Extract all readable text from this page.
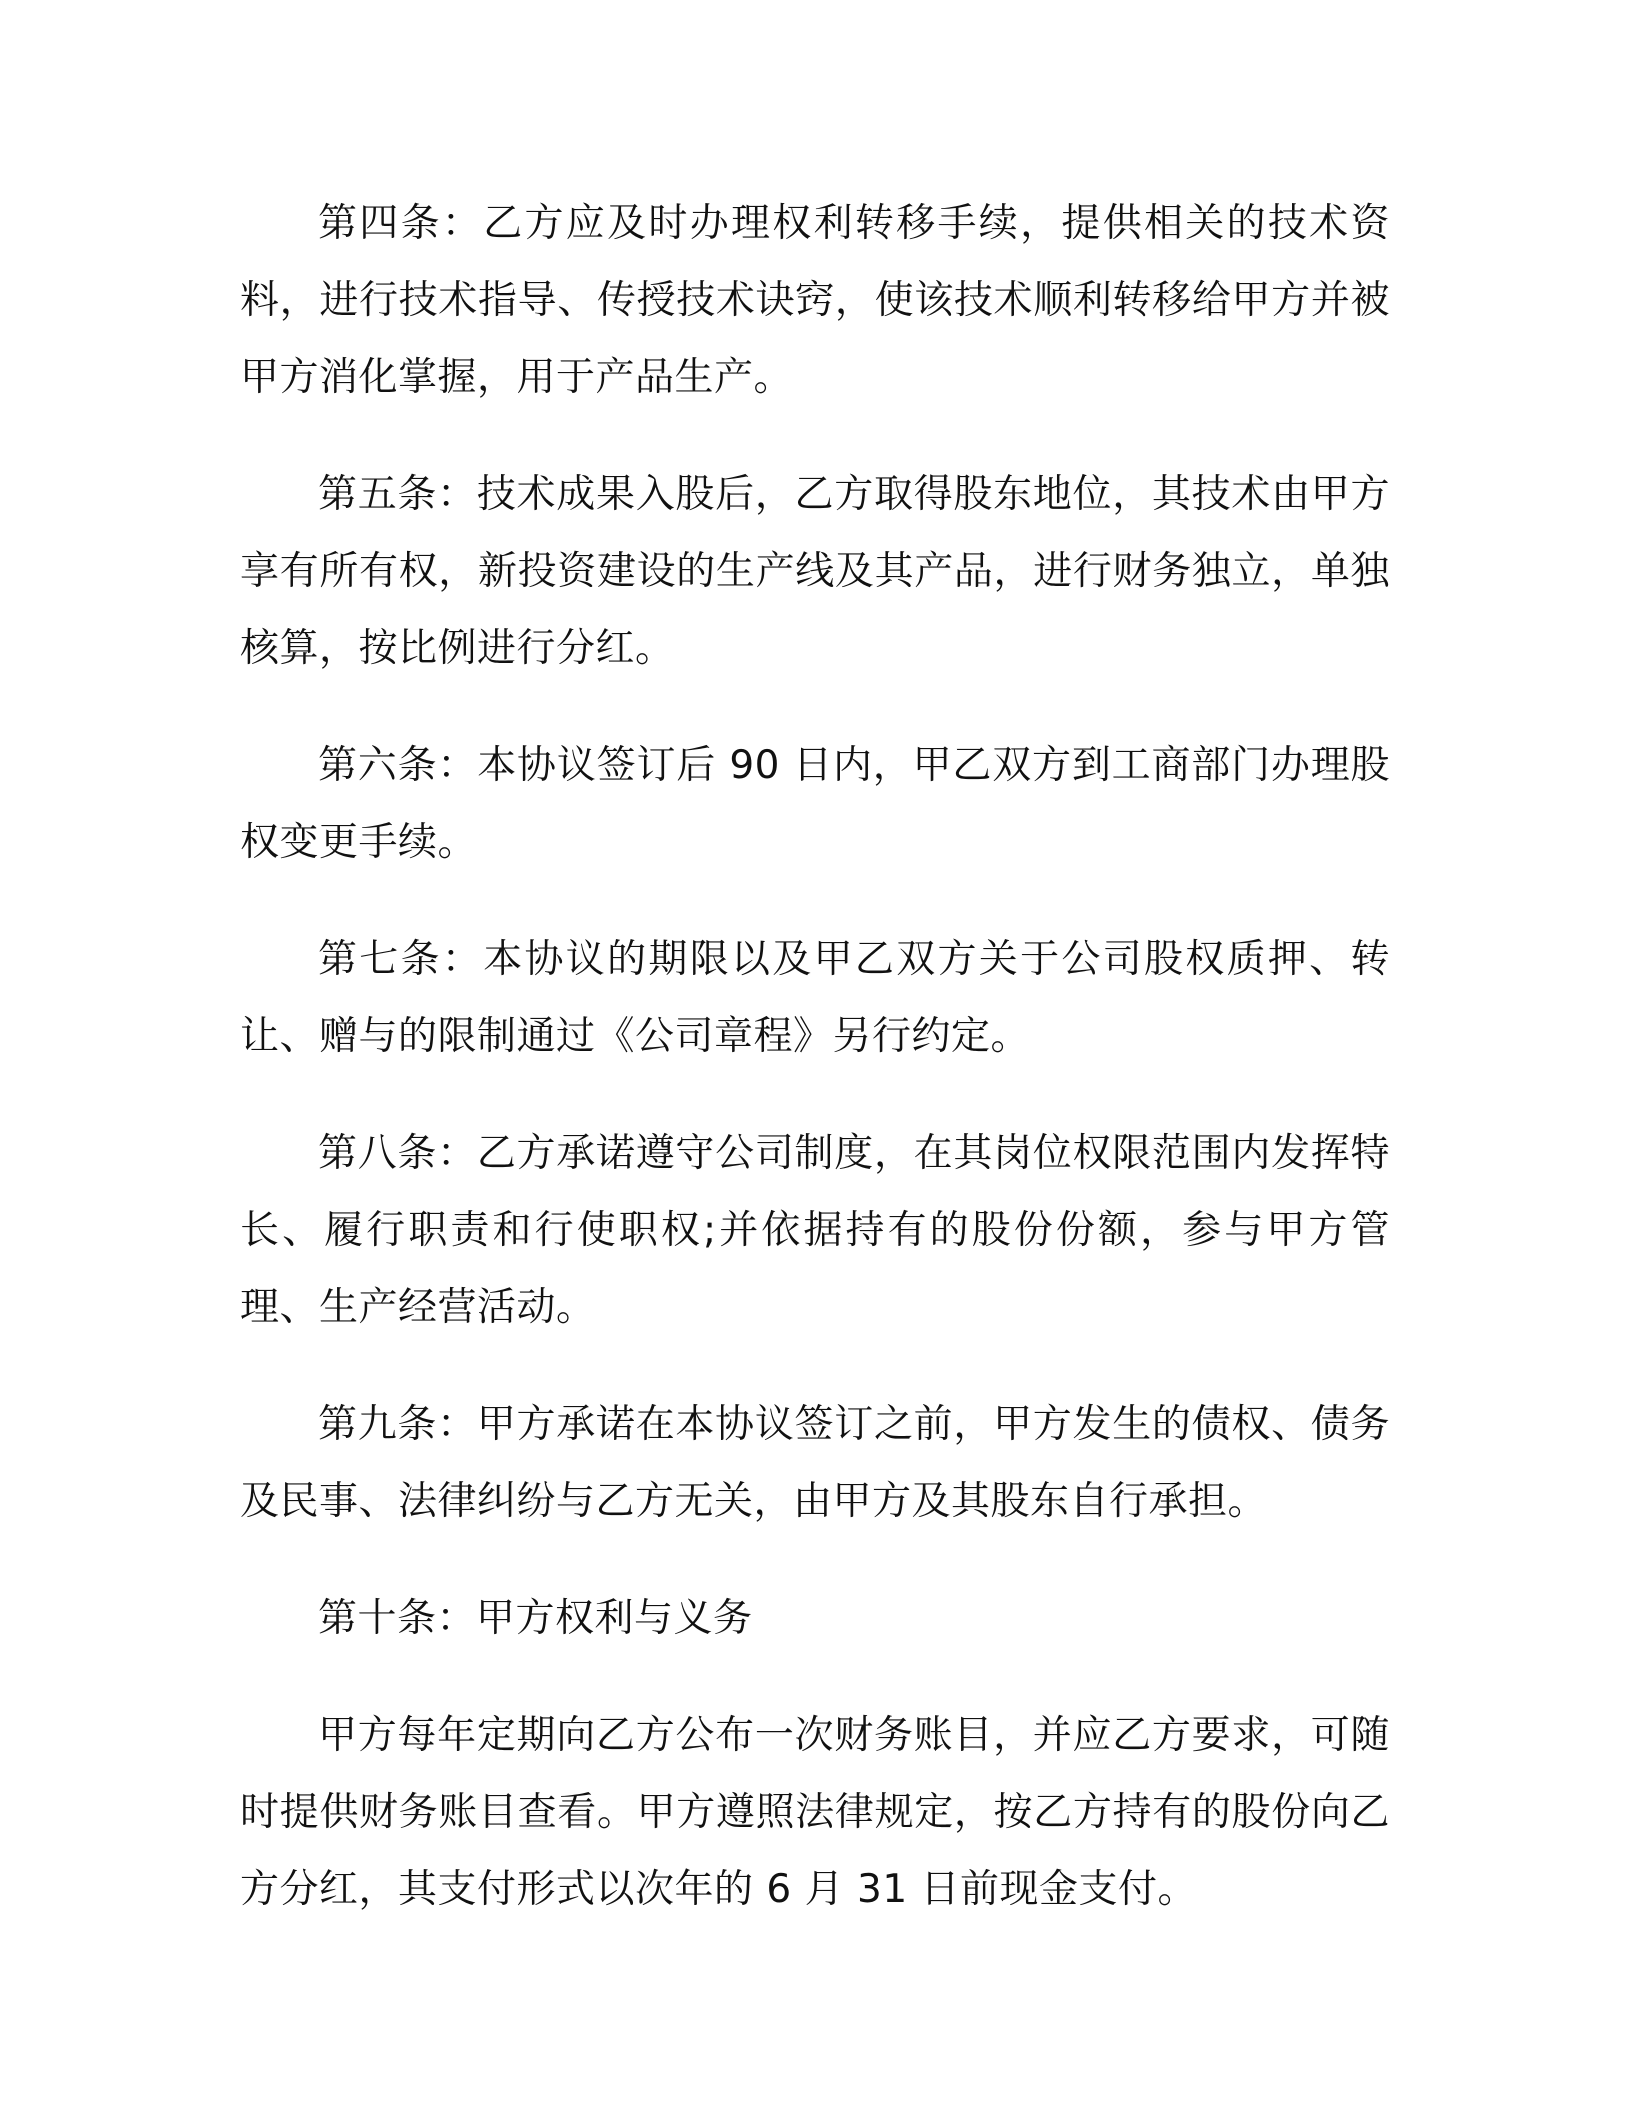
第四条：乙方应及时办理权利转移手续，提供相关的技术资料，进行技术指导、传授技术诀窍，使该技术顺利转移给甲方并被甲方消化掌握，用于产品生产。

第五条：技术成果入股后，乙方取得股东地位，其技术由甲方享有所有权，新投资建设的生产线及其产品，进行财务独立，单独核算，按比例进行分红。

第六条：本协议签订后 90 日内，甲乙双方到工商部门办理股权变更手续。

第七条：本协议的期限以及甲乙双方关于公司股权质押、转让、赠与的限制通过《公司章程》另行约定。

第八条：乙方承诺遵守公司制度，在其岗位权限范围内发挥特长、履行职责和行使职权;并依据持有的股份份额，参与甲方管理、生产经营活动。

第九条：甲方承诺在本协议签订之前，甲方发生的债权、债务及民事、法律纠纷与乙方无关，由甲方及其股东自行承担。

第十条：甲方权利与义务

甲方每年定期向乙方公布一次财务账目，并应乙方要求，可随时提供财务账目查看。甲方遵照法律规定，按乙方持有的股份向乙方分红，其支付形式以次年的 6 月 31 日前现金支付。
